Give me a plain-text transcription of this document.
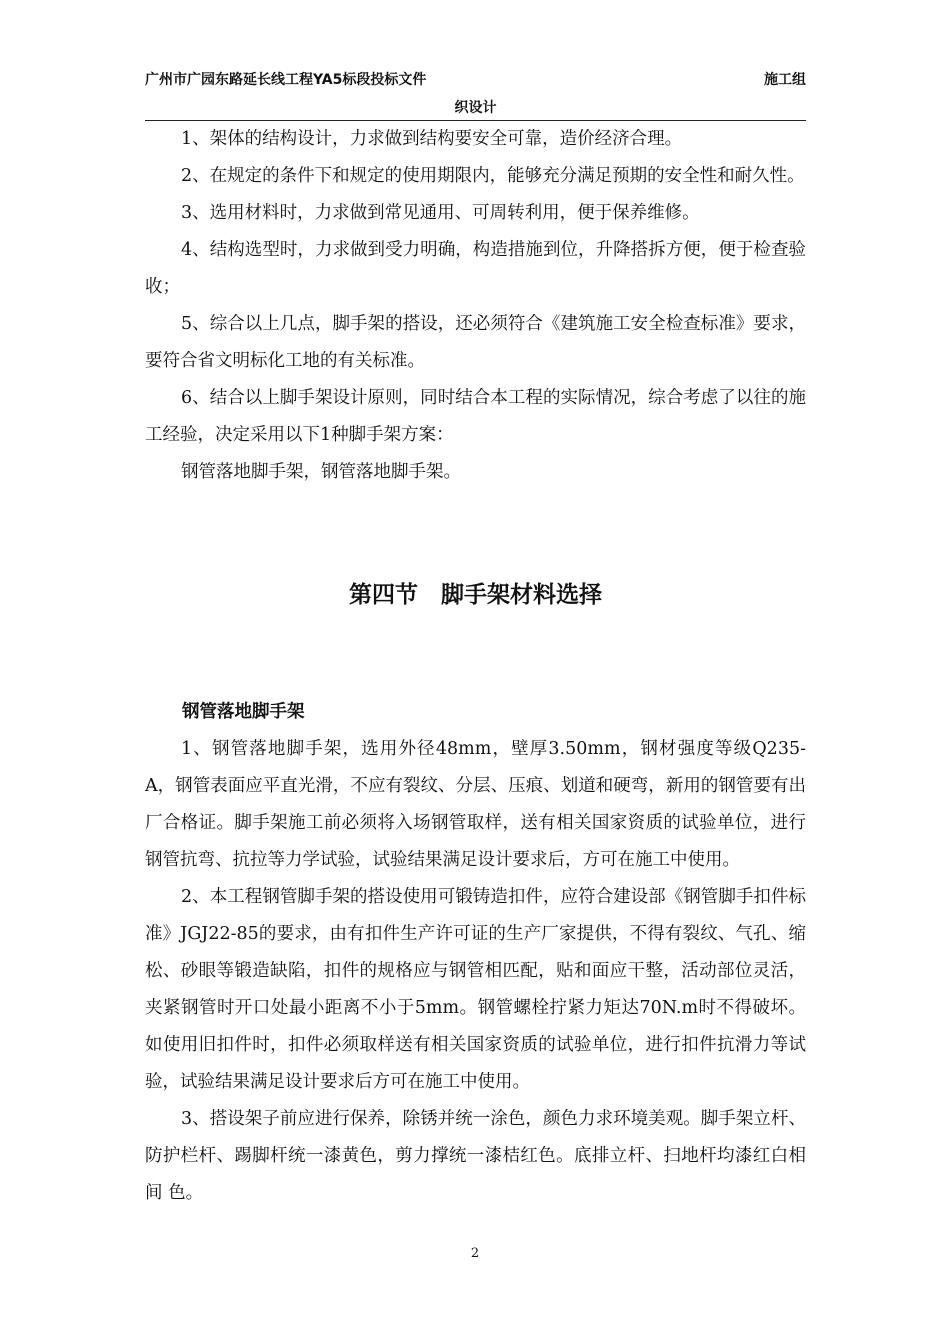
广州市广园东路延长线工程YA5标段投标文件	施工组
织设计

1、架体的结构设计，力求做到结构要安全可靠，造价经济合理。

2、在规定的条件下和规定的使用期限内，能够充分满足预期的安全性和耐久性。

3、选用材料时，力求做到常见通用、可周转利用，便于保养维修。

4、结构选型时，力求做到受力明确，构造措施到位，升降搭拆方便，便于检查验收；

5、综合以上几点，脚手架的搭设，还必须符合《建筑施工安全检查标准》要求，要符合省文明标化工地的有关标准。

6、结合以上脚手架设计原则，同时结合本工程的实际情况，综合考虑了以往的施工经验，决定采用以下1种脚手架方案：

钢管落地脚手架，钢管落地脚手架。

第四节　脚手架材料选择
钢管落地脚手架

1、钢管落地脚手架，选用外径48mm，壁厚3.50mm，钢材强度等级Q235-A，钢管表面应平直光滑，不应有裂纹、分层、压痕、划道和硬弯，新用的钢管要有出厂合格证。脚手架施工前必须将入场钢管取样，送有相关国家资质的试验单位，进行钢管抗弯、抗拉等力学试验，试验结果满足设计要求后，方可在施工中使用。

2、本工程钢管脚手架的搭设使用可锻铸造扣件，应符合建设部《钢管脚手扣件标准》JGJ22-85的要求，由有扣件生产许可证的生产厂家提供，不得有裂纹、气孔、缩松、砂眼等锻造缺陷，扣件的规格应与钢管相匹配，贴和面应干整，活动部位灵活，夹紧钢管时开口处最小距离不小于5mm。钢管螺栓拧紧力矩达70N.m时不得破坏。如使用旧扣件时，扣件必须取样送有相关国家资质的试验单位，进行扣件抗滑力等试验，试验结果满足设计要求后方可在施工中使用。

3、搭设架子前应进行保养，除锈并统一涂色，颜色力求环境美观。脚手架立杆、防护栏杆、踢脚杆统一漆黄色，剪力撑统一漆桔红色。底排立杆、扫地杆均漆红白相间 色。

2
